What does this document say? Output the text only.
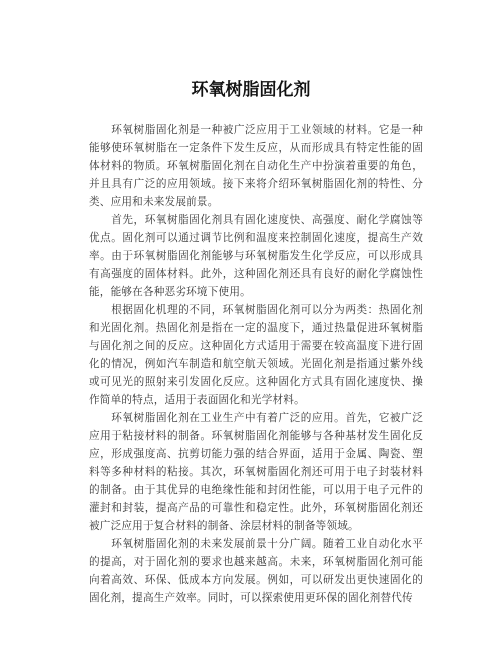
环氧树脂固化剂

环氧树脂固化剂是一种被广泛应用于工业领域的材料。它是一种能够使环氧树脂在一定条件下发生反应，从而形成具有特定性能的固体材料的物质。环氧树脂固化剂在自动化生产中扮演着重要的角色，并且具有广泛的应用领域。接下来将介绍环氧树脂固化剂的特性、分类、应用和未来发展前景。

首先，环氧树脂固化剂具有固化速度快、高强度、耐化学腐蚀等优点。固化剂可以通过调节比例和温度来控制固化速度，提高生产效率。由于环氧树脂固化剂能够与环氧树脂发生化学反应，可以形成具有高强度的固体材料。此外，这种固化剂还具有良好的耐化学腐蚀性能，能够在各种恶劣环境下使用。

根据固化机理的不同，环氧树脂固化剂可以分为两类：热固化剂和光固化剂。热固化剂是指在一定的温度下，通过热量促进环氧树脂与固化剂之间的反应。这种固化方式适用于需要在较高温度下进行固化的情况，例如汽车制造和航空航天领域。光固化剂是指通过紫外线或可见光的照射来引发固化反应。这种固化方式具有固化速度快、操作简单的特点，适用于表面固化和光学材料。

环氧树脂固化剂在工业生产中有着广泛的应用。首先，它被广泛应用于粘接材料的制备。环氧树脂固化剂能够与各种基材发生固化反应，形成强度高、抗剪切能力强的结合界面，适用于金属、陶瓷、塑料等多种材料的粘接。其次，环氧树脂固化剂还可用于电子封装材料的制备。由于其优异的电绝缘性能和封闭性能，可以用于电子元件的灌封和封装，提高产品的可靠性和稳定性。此外，环氧树脂固化剂还被广泛应用于复合材料的制备、涂层材料的制备等领域。

环氧树脂固化剂的未来发展前景十分广阔。随着工业自动化水平的提高，对于固化剂的要求也越来越高。未来，环氧树脂固化剂可能向着高效、环保、低成本方向发展。例如，可以研发出更快速固化的固化剂，提高生产效率。同时，可以探索使用更环保的固化剂替代传
